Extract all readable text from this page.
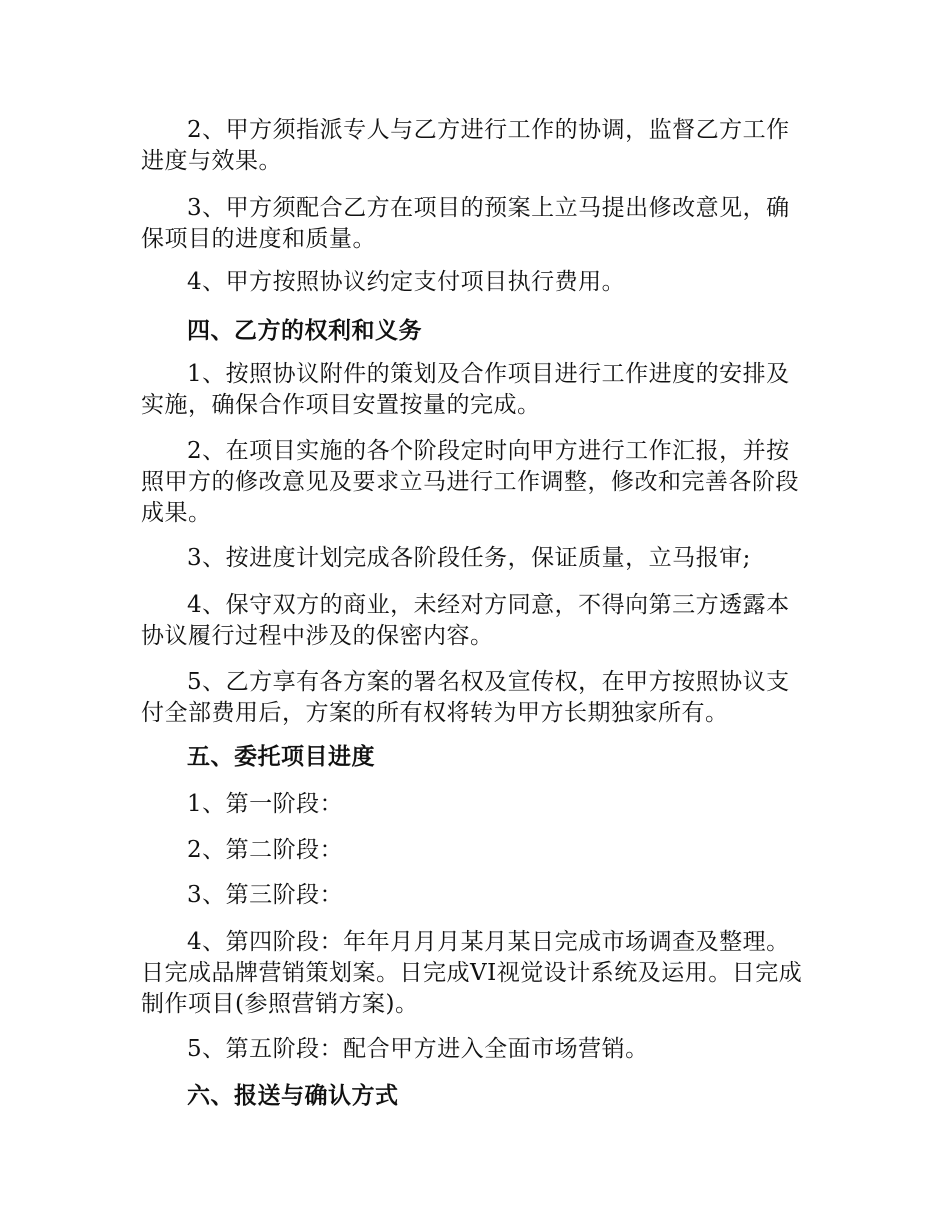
2、甲方须指派专人与乙方进行工作的协调，监督乙方工作进度与效果。

3、甲方须配合乙方在项目的预案上立马提出修改意见，确保项目的进度和质量。

4、甲方按照协议约定支付项目执行费用。

四、乙方的权利和义务

1、按照协议附件的策划及合作项目进行工作进度的安排及实施，确保合作项目安置按量的完成。

2、在项目实施的各个阶段定时向甲方进行工作汇报，并按照甲方的修改意见及要求立马进行工作调整，修改和完善各阶段成果。

3、按进度计划完成各阶段任务，保证质量，立马报审;

4、保守双方的商业，未经对方同意，不得向第三方透露本协议履行过程中涉及的保密内容。

5、乙方享有各方案的署名权及宣传权，在甲方按照协议支付全部费用后，方案的所有权将转为甲方长期独家所有。

五、委托项目进度

1、第一阶段：

2、第二阶段：

3、第三阶段：

4、第四阶段：年年月月月某月某日完成市场调查及整理。日完成品牌营销策划案。日完成VI视觉设计系统及运用。日完成制作项目(参照营销方案)。

5、第五阶段：配合甲方进入全面市场营销。

六、报送与确认方式
